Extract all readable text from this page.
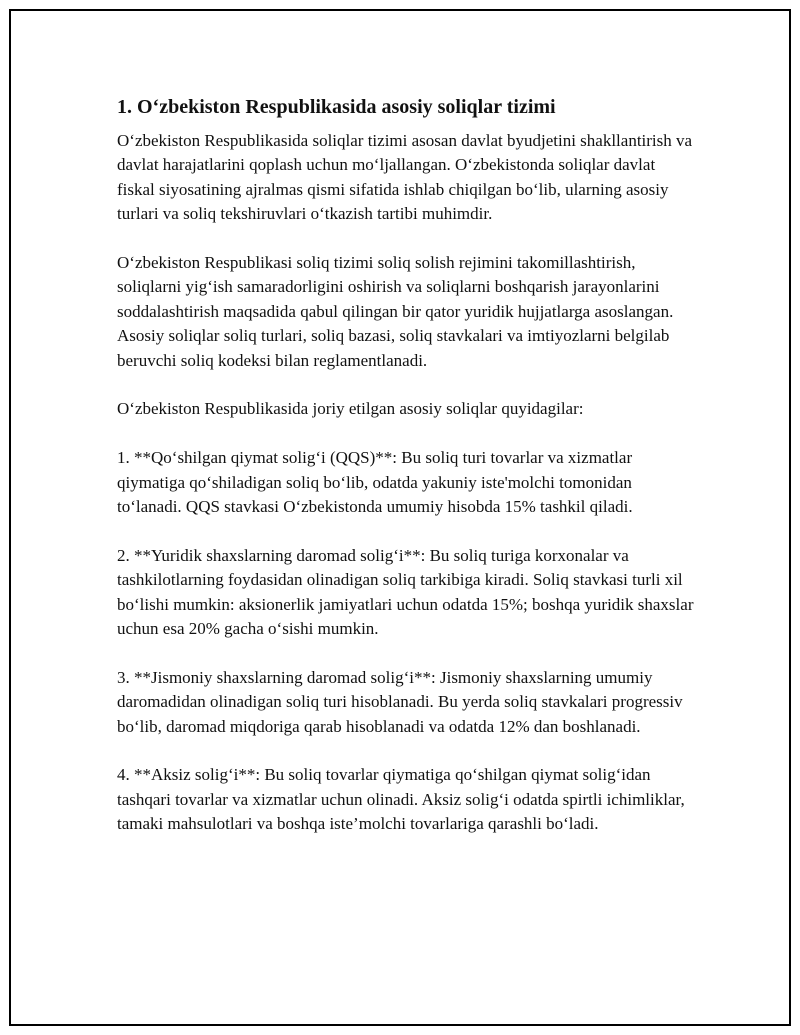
1. O‘zbekiston Respublikasida asosiy soliqlar tizimi

O‘zbekiston Respublikasida soliqlar tizimi asosan davlat byudjetini shakllantirish va davlat harajatlarini qoplash uchun mo‘ljallangan. O‘zbekistonda soliqlar davlat fiskal siyosatining ajralmas qismi sifatida ishlab chiqilgan bo‘lib, ularning asosiy turlari va soliq tekshiruvlari o‘tkazish tartibi muhimdir.

O‘zbekiston Respublikasi soliq tizimi soliq solish rejimini takomillashtirish, soliqlarni yig‘ish samaradorligini oshirish va soliqlarni boshqarish jarayonlarini soddalashtirish maqsadida qabul qilingan bir qator yuridik hujjatlarga asoslangan. Asosiy soliqlar soliq turlari, soliq bazasi, soliq stavkalari va imtiyozlarni belgilab beruvchi soliq kodeksi bilan reglamentlanadi.

O‘zbekiston Respublikasida joriy etilgan asosiy soliqlar quyidagilar:

1. **Qo‘shilgan qiymat solig‘i (QQS)**: Bu soliq turi tovarlar va xizmatlar qiymatiga qo‘shiladigan soliq bo‘lib, odatda yakuniy iste'molchi tomonidan to‘lanadi. QQS stavkasi O‘zbekistonda umumiy hisobda 15% tashkil qiladi.

2. **Yuridik shaxslarning daromad solig‘i**: Bu soliq turiga korxonalar va tashkilotlarning foydasidan olinadigan soliq tarkibiga kiradi. Soliq stavkasi turli xil bo‘lishi mumkin: aksionerlik jamiyatlari uchun odatda 15%; boshqa yuridik shaxslar uchun esa 20% gacha o‘sishi mumkin.

3. **Jismoniy shaxslarning daromad solig‘i**: Jismoniy shaxslarning umumiy daromadidan olinadigan soliq turi hisoblanadi. Bu yerda soliq stavkalari progressiv bo‘lib, daromad miqdoriga qarab hisoblanadi va odatda 12% dan boshlanadi.

4. **Aksiz solig‘i**: Bu soliq tovarlar qiymatiga qo‘shilgan qiymat solig‘idan tashqari tovarlar va xizmatlar uchun olinadi. Aksiz solig‘i odatda spirtli ichimliklar, tamaki mahsulotlari va boshqa iste’molchi tovarlariga qarashli bo‘ladi.
